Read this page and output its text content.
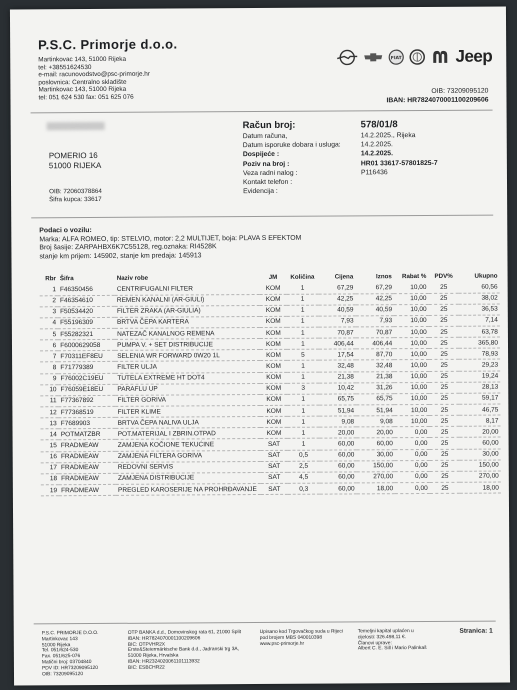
P.S.C. Primorje d.o.o.
Martinkovac 143, 51000 Rijeka
tel: +38551624530
e-mail: racunovodstvo@psc-primorje.hr
poslovnica: Centralno skladište
Martinkovac 143, 51000 Rijeka
tel: 051 624 530 fax: 051 625 076
FIAT	Jeep
OIB: 73209095120
IBAN: HR7824070001100209606
POMERIO 16
51000 RIJEKA
OIB: 72060378864
Šifra kupca: 33617
Račun broj:	578/01/8
Datum računa,	14.2.2025., Rijeka
Datum isporuke dobara i usluga:	14.2.2025.
Dospijeće :	14.2.2025.
Poziv na broj :	HR01 33617-57801825-7
Veza radni nalog :	P116436
Kontakt telefon :
Evidencija :
Podaci o vozilu:
Marka: ALFA ROMEO, tip: STELVIO, motor: 2,2 MULTIJET, boja: PLAVA S EFEKTOM
Broj šasije: ZARPAHBX6K7C55128, reg.oznaka: RI4528K
stanje km prijem: 145902, stanje km predaja: 145913
Rbr	Šifra	Naziv robe	JM	Količina	Cijena	Iznos	Rabat %	PDV%	Ukupno
1	F46350456	CENTRIFUGALNI FILTER	KOM	1	67,29	67,29	10,00	25	60,56
2	F46354610	REMEN KANALNI (AR-GIULI)	KOM	1	42,25	42,25	10,00	25	38,02
3	F50534420	FILTER ZRAKA (AR-GIULIA)	KOM	1	40,59	40,59	10,00	25	36,53
4	F55196309	BRTVA ČEPA KARTERA	KOM	1	7,93	7,93	10,00	25	7,14
5	F55282321	NATEZAČ KANALNOG REMENA	KOM	1	70,87	70,87	10,00	25	63,78
6	F6000629058	PUMPA V. + SET DISTRIBUCIJE	KOM	1	406,44	406,44	10,00	25	365,80
7	F70311EF8EU	SELENIA WR FORWARD 0W20 1L	KOM	5	17,54	87,70	10,00	25	78,93
8	F71779389	FILTER ULJA	KOM	1	32,48	32,48	10,00	25	29,23
9	F76002C19EU	TUTELA EXTREME HT DOT4	KOM	1	21,38	21,38	10,00	25	19,24
10	F76059E18EU	PARAFLU UP	KOM	3	10,42	31,26	10,00	25	28,13
11	F77367892	FILTER GORIVA	KOM	1	65,75	65,75	10,00	25	59,17
12	F77368519	FILTER KLIME	KOM	1	51,94	51,94	10,00	25	46,75
13	F7689903	BRTVA ČEPA NALIVA ULJA	KOM	1	9,08	9,08	10,00	25	8,17
14	POTMATZBR	POT.MATERIJAL I ZBRIN.OTPAD	KOM	1	20,00	20,00	0,00	25	20,00
15	FRADMEAW	ZAMJENA KOČIONE TEKUĆINE	SAT	1	60,00	60,00	0,00	25	60,00
16	FRADMEAW	ZAMJENA FILTERA GORIVA	SAT	0,5	60,00	30,00	0,00	25	30,00
17	FRADMEAW	REDOVNI SERVIS	SAT	2,5	60,00	150,00	0,00	25	150,00
18	FRADMEAW	ZAMJENA DISTRIBUCIJE	SAT	4,5	60,00	270,00	0,00	25	270,00
19	FRADMEAW	PREGLED KAROSERIJE NA PROHRĐAVANJE	SAT	0,3	60,00	18,00	0,00	25	18,00
P.S.C. PRIMORJE D.O.O.
Martinkovac 143
51000 Rijeka
Tel. 051/624-530
Fax. 051/625-076
Matični broj: 03704840
PDV ID: HR73209095120
OIB: 73209095120
OTP BANKA d.d., Domovinskog rata 61, 21000 Split
IBAN: HR7824070001100209606
BIC: OTPVHR2X
Erste&Steiermärkische Bank d.d., Jadranski trg 3A,
51000 Rijeka, Hrvatska
IBAN: HR2324020061101113932
BIC: ESBCHR22
Upisano kod Trgovačkog suda u Rijeci
pod brojem MBS 040010398
www.psc-primorje.hr
Temeljni kapital uplaćen u
cijelosti: 326.498,11 €.
Članovi uprave:
Albert C. E. Sill i Mario Palinkaš
Stranica: 1
